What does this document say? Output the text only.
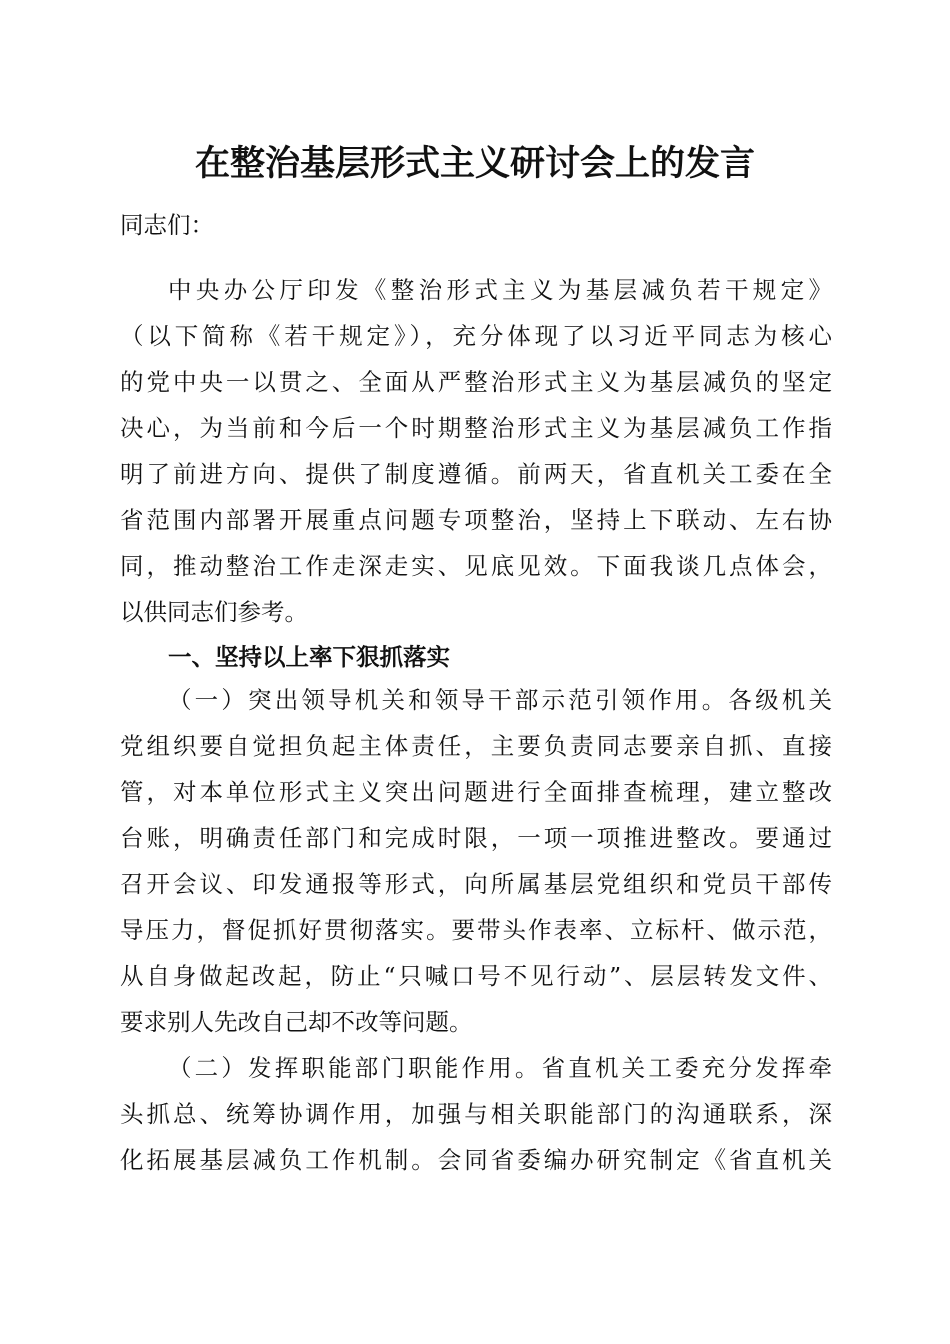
在整治基层形式主义研讨会上的发言
同志们：
中央办公厅印发《整治形式主义为基层减负若干规定》
（以下简称《若干规定》），充分体现了以习近平同志为核心
的党中央一以贯之、全面从严整治形式主义为基层减负的坚定
决心，为当前和今后一个时期整治形式主义为基层减负工作指
明了前进方向、提供了制度遵循。前两天，省直机关工委在全
省范围内部署开展重点问题专项整治，坚持上下联动、左右协
同，推动整治工作走深走实、见底见效。下面我谈几点体会，
以供同志们参考。
一、坚持以上率下狠抓落实
（一）突出领导机关和领导干部示范引领作用。各级机关
党组织要自觉担负起主体责任，主要负责同志要亲自抓、直接
管，对本单位形式主义突出问题进行全面排查梳理，建立整改
台账，明确责任部门和完成时限，一项一项推进整改。要通过
召开会议、印发通报等形式，向所属基层党组织和党员干部传
导压力，督促抓好贯彻落实。要带头作表率、立标杆、做示范，
从自身做起改起，防止“只喊口号不见行动”、层层转发文件、
要求别人先改自己却不改等问题。
（二）发挥职能部门职能作用。省直机关工委充分发挥牵
头抓总、统筹协调作用，加强与相关职能部门的沟通联系，深
化拓展基层减负工作机制。会同省委编办研究制定《省直机关
